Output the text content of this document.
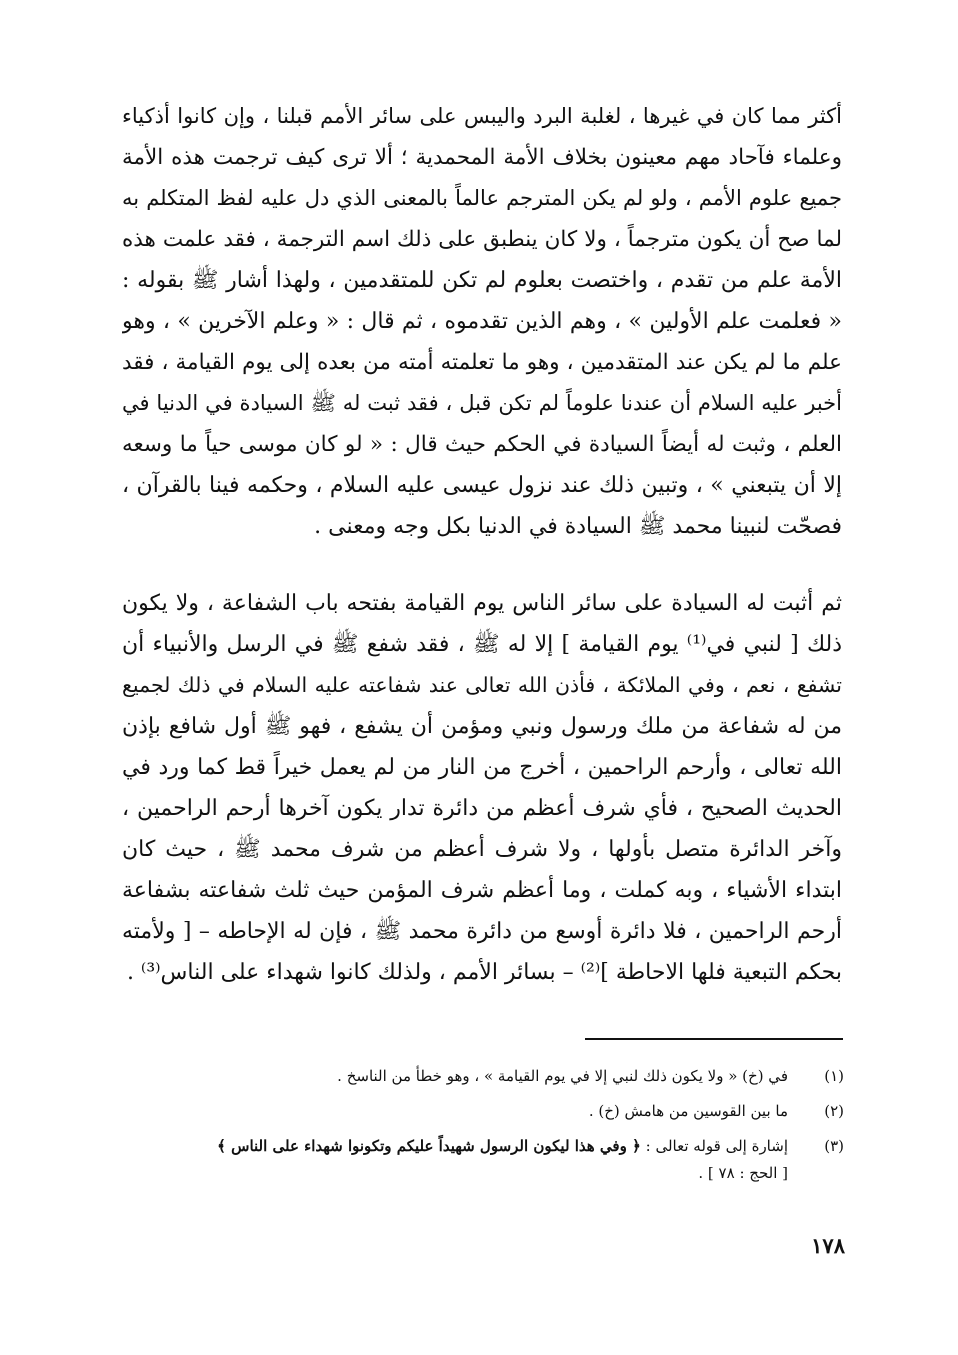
أكثر مما كان في غيرها ، لغلبة البرد واليبس على سائر الأمم قبلنا ، وإن كانوا أذكياء
وعلماء فآحاد مهم معينون بخلاف الأمة المحمدية ؛ ألا ترى كيف ترجمت هذه الأمة
جميع علوم الأمم ، ولو لم يكن المترجم عالماً بالمعنى الذي دل عليه لفظ المتكلم به
لما صح أن يكون مترجماً ، ولا كان ينطبق على ذلك اسم الترجمة ، فقد علمت هذه
الأمة علم من تقدم ، واختصت بعلوم لم تكن للمتقدمين ، ولهذا أشار ﷺ بقوله :
« فعلمت علم الأولين » ، وهم الذين تقدموه ، ثم قال : « وعلم الآخرين » ، وهو
علم ما لم يكن عند المتقدمين ، وهو ما تعلمته أمته من بعده إلى يوم القيامة ، فقد
أخبر عليه السلام أن عندنا علوماً لم تكن قبل ، فقد ثبت له ﷺ السيادة في الدنيا في
العلم ، وثبت له أيضاً السيادة في الحكم حيث قال : « لو كان موسى حياً ما وسعه
إلا أن يتبعني » ، وتبين ذلك عند نزول عيسى عليه السلام ، وحكمه فينا بالقرآن ،
فصحّت لنبينا محمد ﷺ السيادة في الدنيا بكل وجه ومعنى .
ثم أثبت له السيادة على سائر الناس يوم القيامة بفتحه باب الشفاعة ، ولا يكون
ذلك [ لنبي في⁽¹⁾ يوم القيامة ] إلا له ﷺ ، فقد شفع ﷺ في الرسل والأنبياء أن
تشفع ، نعم ، وفي الملائكة ، فأذن الله تعالى عند شفاعته عليه السلام في ذلك لجميع
من له شفاعة من ملك ورسول ونبي ومؤمن أن يشفع ، فهو ﷺ أول شافع بإذن
الله تعالى ، وأرحم الراحمين ، أخرج من النار من لم يعمل خيراً قط كما ورد في
الحديث الصحيح ، فأي شرف أعظم من دائرة تدار يكون آخرها أرحم الراحمين ،
وآخر الدائرة متصل بأولها ، ولا شرف أعظم من شرف محمد ﷺ ، حيث كان
ابتداء الأشياء ، وبه كملت ، وما أعظم شرف المؤمن حيث ثلث شفاعته بشفاعة
أرحم الراحمين ، فلا دائرة أوسع من دائرة محمد ﷺ ، فإن له الإحاطه – [ ولأمته
بحكم التبعية فلها الاحاطة ]⁽²⁾ – بسائر الأمم ، ولذلك كانوا شهداء على الناس⁽³⁾ .
(١)
في (خ) « ولا يكون ذلك لنبي إلا في يوم القيامة » ، وهو خطأ من الناسخ .
(٢)
ما بين القوسين من هامش (خ) .
(٣)
إشارة إلى قوله تعالى : ﴿ وفي هذا ليكون الرسول شهيداً عليكم وتكونوا شهداء على الناس ﴾
[ الحج : ٧٨ ] .
١٧٨
